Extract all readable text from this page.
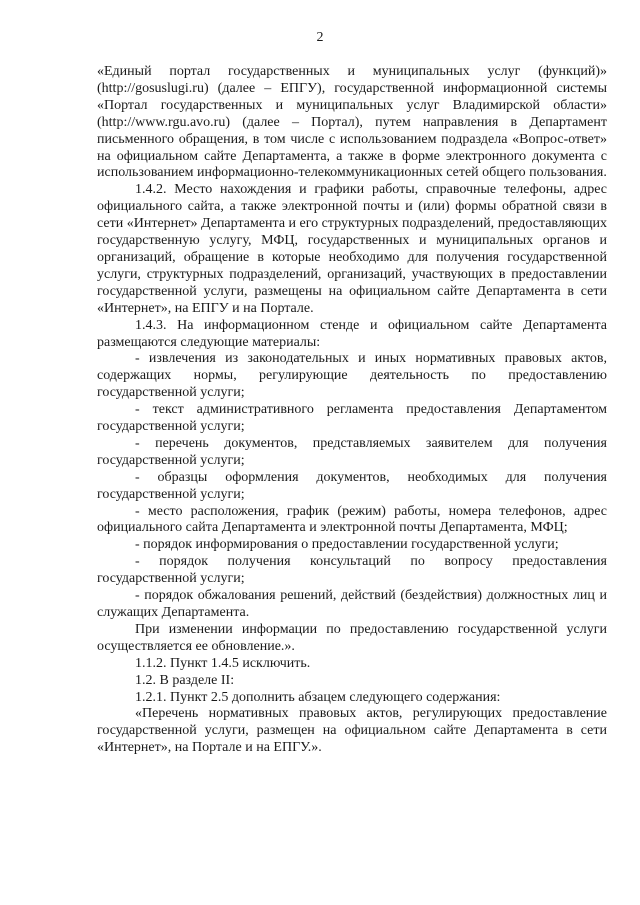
2

«Единый портал государственных и муниципальных услуг (функций)» (http://gosuslugi.ru) (далее – ЕПГУ), государственной информационной системы «Портал государственных и муниципальных услуг Владимирской области» (http://www.rgu.avo.ru) (далее – Портал), путем направления в Департамент письменного обращения, в том числе с использованием подраздела «Вопрос-ответ» на официальном сайте Департамента, а также в форме электронного документа с использованием информационно-телекоммуникационных сетей общего пользования.

1.4.2. Место нахождения и графики работы, справочные телефоны, адрес официального сайта, а также электронной почты и (или) формы обратной связи в сети «Интернет» Департамента и его структурных подразделений, предоставляющих государственную услугу, МФЦ, государственных и муниципальных органов и организаций, обращение в которые необходимо для получения государственной услуги, структурных подразделений, организаций, участвующих в предоставлении государственной услуги, размещены на официальном сайте Департамента в сети «Интернет», на ЕПГУ и на Портале.

1.4.3. На информационном стенде и официальном сайте Департамента размещаются следующие материалы:

- извлечения из законодательных и иных нормативных правовых актов, содержащих нормы, регулирующие деятельность по предоставлению государственной услуги;

- текст административного регламента предоставления Департаментом государственной услуги;

- перечень документов, представляемых заявителем для получения государственной услуги;

- образцы оформления документов, необходимых для получения государственной услуги;

- место расположения, график (режим) работы, номера телефонов, адрес официального сайта Департамента и электронной почты Департамента, МФЦ;

- порядок информирования о предоставлении государственной услуги;

- порядок получения консультаций по вопросу предоставления государственной услуги;

- порядок обжалования решений, действий (бездействия) должностных лиц и служащих Департамента.

При изменении информации по предоставлению государственной услуги осуществляется ее обновление.».

1.1.2. Пункт 1.4.5 исключить.

1.2. В разделе II:

1.2.1. Пункт 2.5 дополнить абзацем следующего содержания:

«Перечень нормативных правовых актов, регулирующих предоставление государственной услуги, размещен на официальном сайте Департамента в сети «Интернет», на Портале и на ЕПГУ.».
